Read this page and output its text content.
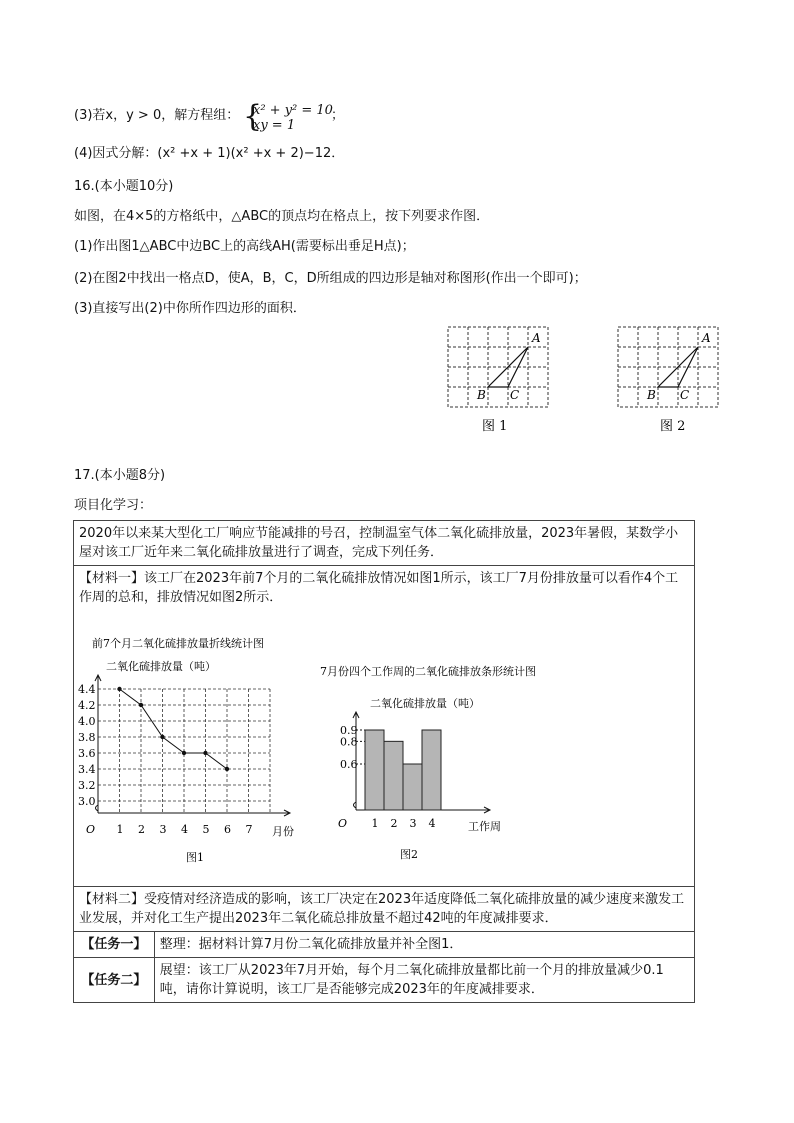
(3)若x，y > 0，解方程组： {
x² + y² = 10
xy = 1
；
(4)因式分解：(x² +x + 1)(x² +x + 2)−12．
16.(本小题10分)
如图，在4×5的方格纸中，△ABC的顶点均在格点上，按下列要求作图．
(1)作出图1△ABC中边BC上的高线AH(需要标出垂足H点)；
(2)在图2中找出一格点D，使A，B，C，D所组成的四边形是轴对称图形(作出一个即可)；
(3)直接写出(2)中你所作四边形的面积．
A
B C
图 1
A
B C
图 2
17.(本小题8分)
项目化学习：
2020年以来某大型化工厂响应节能减排的号召，控制温室气体二氧化硫排放量，2023年暑假，某数学小屋对该工厂近年来二氧化硫排放量进行了调查，完成下列任务．	

【材料一】该工厂在2023年前7个月的二氧化硫排放情况如图1所示，该工厂7月份排放量可以看作4个工作周的总和，排放情况如图2所示．	

【材料二】受疫情对经济造成的影响，该工厂决定在2023年适度降低二氧化硫排放量的减少速度来激发工业发展，并对化工生产提出2023年二氧化硫总排放量不超过42吨的年度减排要求．	
【任务一】	整理：据材料计算7月份二氧化硫排放量并补全图1．
【任务二】	展望：该工厂从2023年7月开始，每个月二氧化硫排放量都比前一个月的排放量减少0.1吨，请你计算说明，该工厂是否能够完成2023年的年度减排要求．
前7个月二氧化硫排放量折线统计图
二氧化硫排放量（吨）
3.0
3.2
3.4
3.6
3.8
4.0
4.2
4.4
1 2 3 4 5 6 7
O	月份
图1
7月份四个工作周的二氧化硫排放条形统计图
二氧化硫排放量（吨）
0.6
0.8
0.9
1 2 3 4
O	工作周
图2
